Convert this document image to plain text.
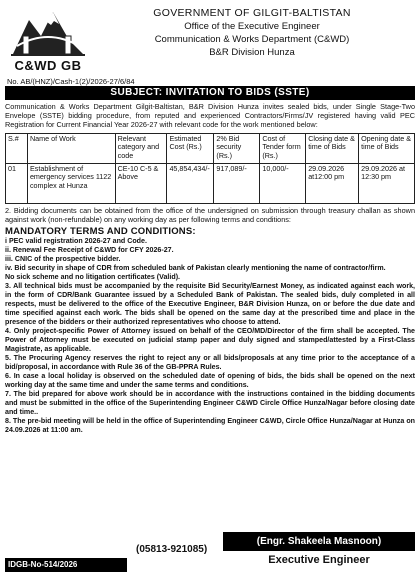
C&WD GB
GOVERNMENT OF GILGIT-BALTISTAN
Office of the Executive Engineer
Communication & Works Department (C&WD)
B&R Division Hunza
No. AB/(HNZ)/Cash-1(2)/2026-27/6/84
SUBJECT: INVITATION TO BIDS (SSTE)
Communication & Works Department Gilgit-Baltistan, B&R Division Hunza invites sealed bids, under Single Stage-Two Envelope (SSTE) bidding procedure, from reputed and experienced Contractors/Firms/JV registered having valid PEC Registration for Current Financial Year 2026-27 with relevant code for the work mentioned below:
S.#	Name of Work	Relevant category and code	Estimated Cost (Rs.)	2% Bid security (Rs.)	Cost of Tender form (Rs.)	Closing date & time of Bids	Opening date & time of Bids
01	Establishment of emergency services 1122 complex at Hunza	CE-10 C-5 & Above	45,854,434/-	917,089/-	10,000/-	29.09.2026 at12:00 pm	29.09.2026 at 12:30 pm
2. Bidding documents can be obtained from the office of the undersigned on submission through treasury challan as shown against work (non-refundable) on any working day as per following terms and conditions:
MANDATORY TERMS AND CONDITIONS:

i PEC valid registration 2026-27 and Code.

ii. Renewal Fee Receipt of C&WD for CFY 2026-27.

iii. CNIC of the prospective bidder.

iv. Bid security in shape of CDR from scheduled bank of Pakistan clearly mentioning the name of contractor/firm.

No sick scheme and no litigation certificates (Valid).

3. All technical bids must be accompanied by the requisite Bid Security/Earnest Money, as indicated against each work, in the form of CDR/Bank Guarantee issued by a Scheduled Bank of Pakistan. The sealed bids, duly completed in all respects, must be delivered to the office of the Executive Engineer, B&R Division Hunza, on or before the due date and time specified against each work. The bids shall be opened on the same day at the prescribed time and place in the presence of the bidders or their authorized representatives who choose to attend.

4. Only project-specific Power of Attorney issued on behalf of the CEO/MD/Director of the firm shall be accepted. The Power of Attorney must be executed on judicial stamp paper and duly signed and stamped/attested by a First-Class Magistrate, as applicable.

5. The Procuring Agency reserves the right to reject any or all bids/proposals at any time prior to the acceptance of a bid/proposal, in accordance with Rule 36 of the GB-PPRA Rules.

6. In case a local holiday is observed on the scheduled date of opening of bids, the bids shall be opened on the next working day at the same time and under the same terms and conditions.

7. The bid prepared for above work should be in accordance with the instructions contained in the bidding documents and must be submitted in the office of the Superintending Engineer C&WD Circle Office Hunza/Nagar before closing date and time..

8. The pre-bid meeting will be held in the office of Superintending Engineer C&WD, Circle Office Hunza/Nagar at Hunza on 24.09.2026 at 11:00 am.

(05813-921085)
(Engr. Shakeela Masnoon)
Executive Engineer
IDGB-No-514/2026
